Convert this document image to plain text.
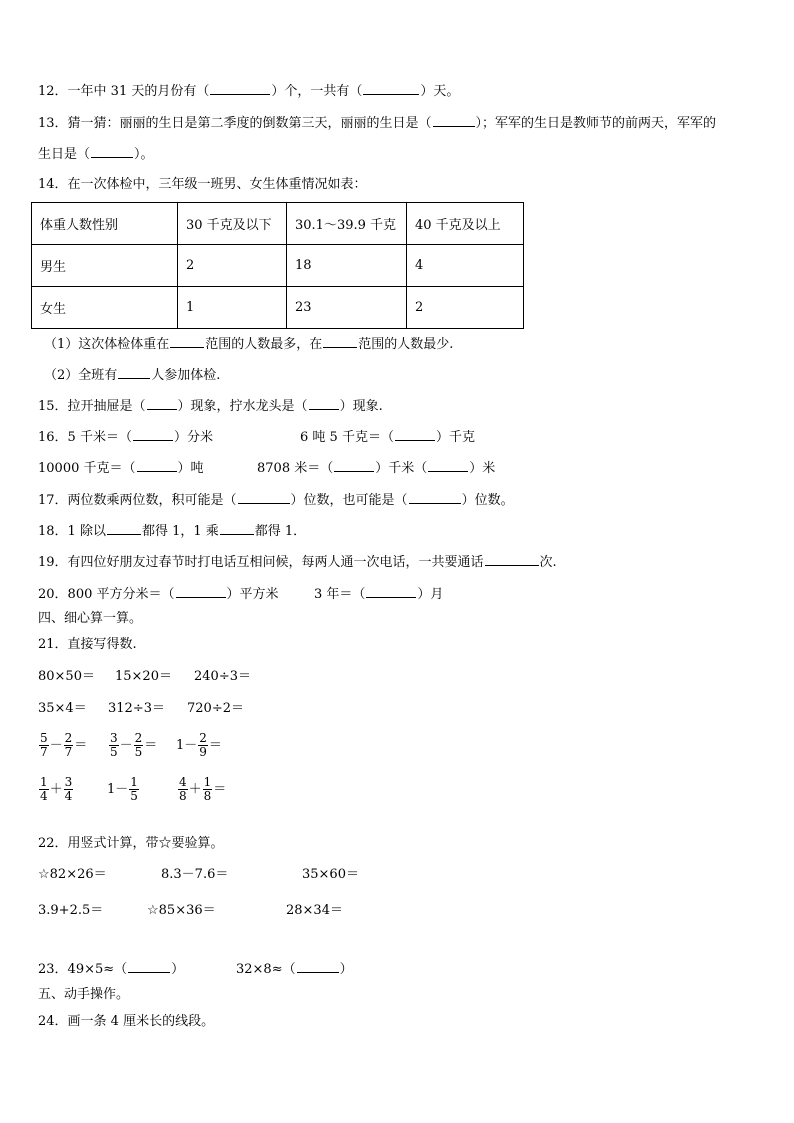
12．一年中 31 天的月份有（	）个，一共有（	）天。
13．猜一猜：丽丽的生日是第二季度的倒数第三天，丽丽的生日是（	）；军军的生日是教师节的前两天，军军的
生日是（	）。
14．在一次体检中，三年级一班男、女生体重情况如表：
体重人数性别	30 千克及以下	30.1～39.9 千克	40 千克及以上
男生	2	18	4
女生	1	23	2
（1）这次体检体重在	范围的人数最多，在	范围的人数最少.
（2）全班有	人参加体检.
15．拉开抽屉是（ ）现象，拧水龙头是（ ）现象.
16．5 千米＝（	）分米	6 吨 5 千克＝（	）千克
10000 千克＝（	）吨	8708 米＝（	）千米（	）米
17．两位数乘两位数，积可能是（	）位数，也可能是（	）位数。
18．1 除以	都得 1，1 乘	都得 1．
19．有四位好朋友过春节时打电话互相问候，每两人通一次电话，一共要通话	次.
20．800 平方分米＝（	）平方米	3 年＝（	）月
四、细心算一算。
21．直接写得数.
80×50＝ 15×20＝ 240÷3＝
35×4＝ 312÷3＝ 720÷2＝
$\frac{5}{7} - \frac{2}{7} = \frac{3}{5} - \frac{2}{5} = 1- \frac{2}{9}$ ＝
$\frac{1}{4} + \frac{3}{4}$	$1- \frac{1}{5}$	$\frac{4}{8} + \frac{1}{8}$ ＝
22．用竖式计算，带☆要验算。
☆82×26＝	8.3－7.6＝	35×60＝
3.9+2.5＝	☆85×36＝	28×34＝
23．49×5≈（	）	32×8≈（	）
五、动手操作。
24．画一条 4 厘米长的线段。
